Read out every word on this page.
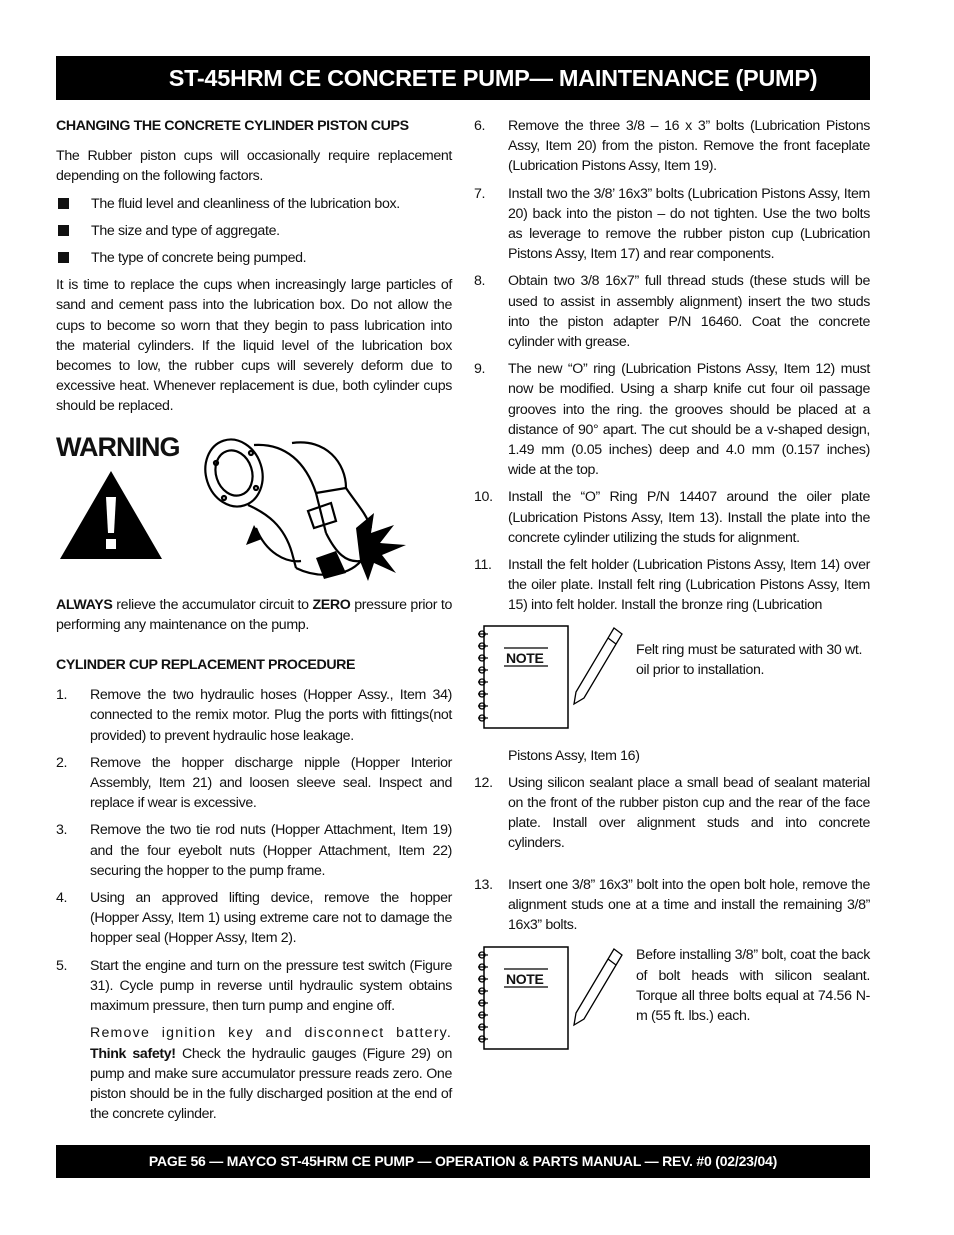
ST-45HRM CE CONCRETE PUMP— MAINTENANCE (PUMP)
CHANGING THE CONCRETE CYLINDER PISTON CUPS

The Rubber piston cups will occasionally require replacement depending on the following factors.

The fluid level and cleanliness of the lubrication box.
The size and type of aggregate.
The type of concrete being pumped.

It is time to replace the cups when increasingly large particles of sand and cement pass into the lubrication box. Do not allow the cups to become so worn that they begin to pass lubrication into the material cylinders. If the liquid level of the lubrication box becomes to low, the rubber cups will severely deform due to excessive heat. Whenever replacement is due, both cylinder cups should be replaced.

WARNING

ALWAYS relieve the accumulator circuit to ZERO pressure prior to performing any maintenance on the pump.

CYLINDER CUP REPLACEMENT PROCEDURE
1.	Remove the two hydraulic hoses (Hopper Assy., Item 34) connected to the remix motor. Plug the ports with fittings(not provided) to prevent hydraulic hose leakage.
2.	Remove the hopper discharge nipple (Hopper Interior Assembly, Item 21) and loosen sleeve seal. Inspect and replace if wear is excessive.
3.	Remove the two tie rod nuts (Hopper Attachment, Item 19) and the four eyebolt nuts (Hopper Attachment, Item 22) securing the hopper to the pump frame.
4.	Using an approved lifting device, remove the hopper (Hopper Assy, Item 1) using extreme care not to damage the hopper seal (Hopper Assy, Item 2).
5.	Start the engine and turn on the pressure test switch (Figure 31). Cycle pump in reverse until hydraulic system obtains maximum pressure, then turn pump and engine off.

Remove ignition key and disconnect battery. Think safety! Check the hydraulic gauges (Figure 29) on pump and make sure accumulator pressure reads zero. One piston should be in the fully discharged position at the end of the concrete cylinder.

6.	Remove the three 3/8 – 16 x 3” bolts (Lubrication Pistons Assy, Item 20) from the piston. Remove the front faceplate (Lubrication Pistons Assy, Item 19).
7.	Install two the 3/8’ 16x3” bolts (Lubrication Pistons Assy, Item 20) back into the piston – do not tighten. Use the two bolts as leverage to remove the rubber piston cup (Lubrication Pistons Assy, Item 17) and rear components.
8.	Obtain two 3/8 16x7” full thread studs (these studs will be used to assist in assembly alignment) insert the two studs into the piston adapter P/N 16460. Coat the concrete cylinder with grease.
9.	The new “O” ring (Lubrication Pistons Assy, Item 12) must now be modified. Using a sharp knife cut four oil passage grooves into the ring. the grooves should be placed at a distance of 90° apart. The cut should be a v-shaped design, 1.49 mm (0.05 inches) deep and 4.0 mm (0.157 inches) wide at the top.
10.	Install the “O” Ring P/N 14407 around the oiler plate (Lubrication Pistons Assy, Item 13). Install the plate into the concrete cylinder utilizing the studs for alignment.
11.	Install the felt holder (Lubrication Pistons Assy, Item 14) over the oiler plate. Install felt ring (Lubrication Pistons Assy, Item 15) into felt holder. Install the bronze ring (Lubrication
NOTE	Felt ring must be saturated with 30 wt. oil prior to installation.

Pistons Assy, Item 16)

12.	Using silicon sealant place a small bead of sealant material on the front of the rubber piston cup and the rear of the face plate. Install over alignment studs and into concrete cylinders.
13.	Insert one 3/8” 16x3” bolt into the open bolt hole, remove the alignment studs one at a time and install the remaining 3/8” 16x3” bolts.
NOTE
Before installing 3/8” bolt, coat the back of bolt heads with silicon sealant. Torque all three bolts equal at 74.56 N-m (55 ft. lbs.) each.
PAGE 56 — MAYCO ST-45HRM CE PUMP — OPERATION & PARTS MANUAL — REV. #0 (02/23/04)
